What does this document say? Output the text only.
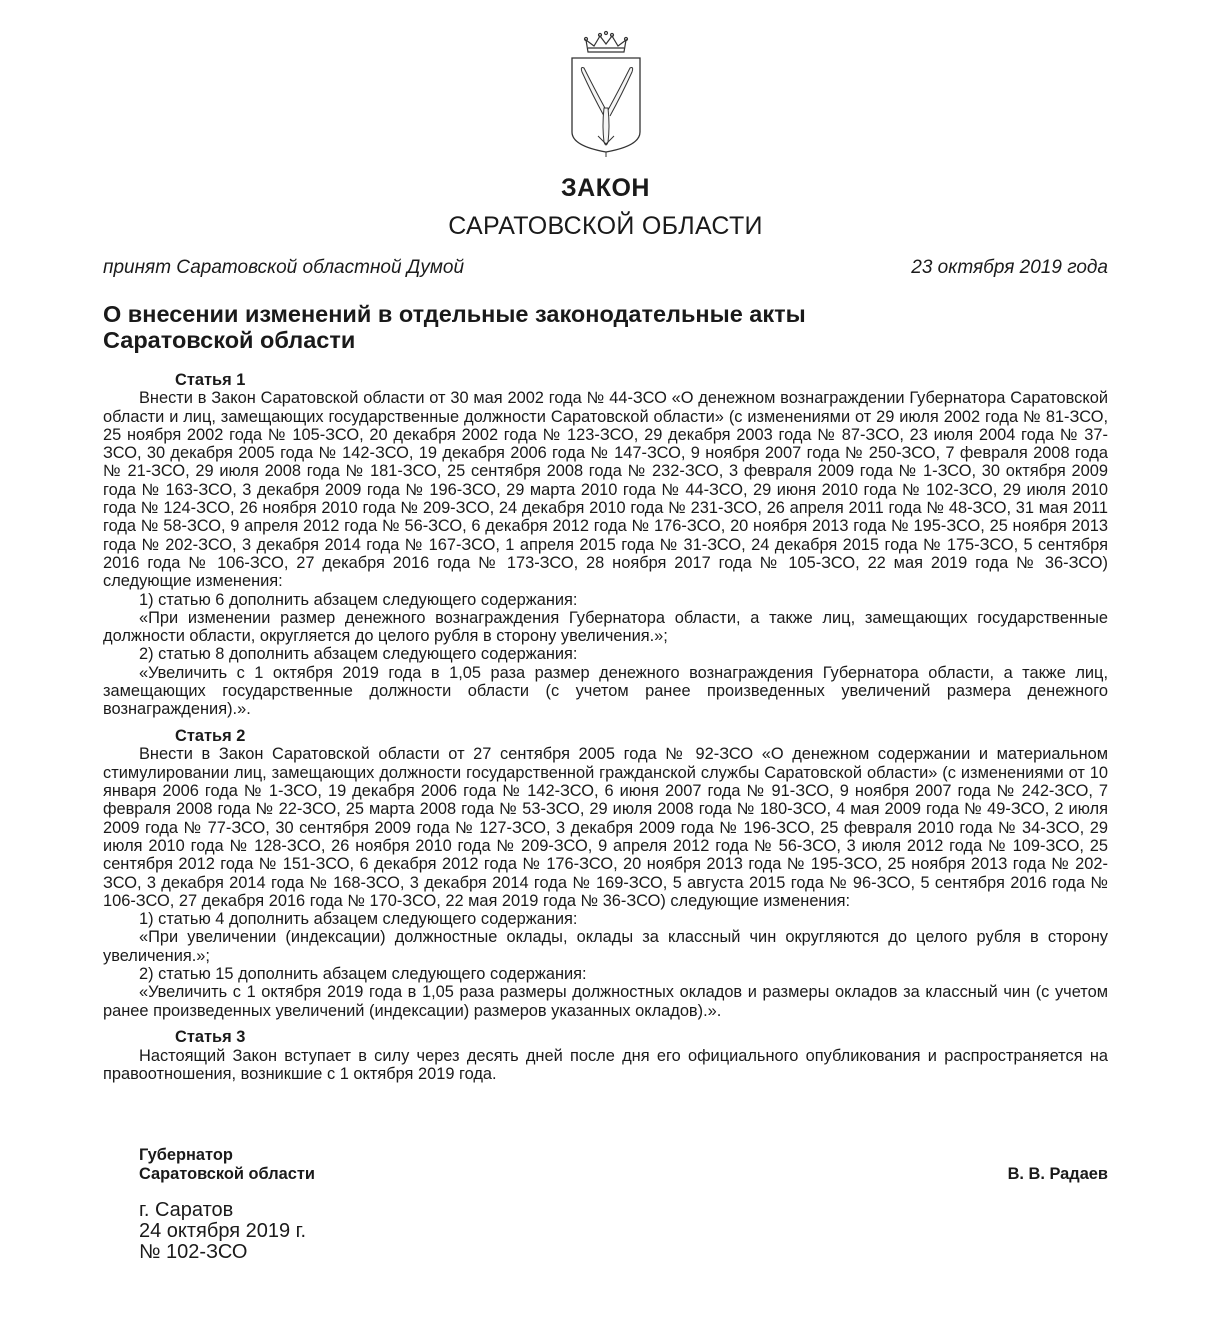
ЗАКОН
САРАТОВСКОЙ ОБЛАСТИ
принят Саратовской областной Думой	23 октября 2019 года
О внесении изменений в отдельные законодательные акты
Саратовской области

Статья 1

Внести в Закон Саратовской области от 30 мая 2002 года № 44-ЗСО «О денежном вознаграждении Губернатора Саратовской области и лиц, замещающих государственные должности Саратовской области» (с изменениями от 29 июля 2002 года № 81-ЗСО, 25 ноября 2002 года № 105-ЗСО, 20 декабря 2002 года № 123-ЗСО, 29 декабря 2003 года № 87-ЗСО, 23 июля 2004 года № 37-ЗСО, 30 декабря 2005 года № 142-ЗСО, 19 декабря 2006 года № 147-ЗСО, 9 ноября 2007 года № 250-ЗСО, 7 февраля 2008 года № 21-ЗСО, 29 июля 2008 года № 181-ЗСО, 25 сентября 2008 года № 232-ЗСО, 3 февраля 2009 года № 1-ЗСО, 30 октября 2009 года № 163-ЗСО, 3 декабря 2009 года № 196-ЗСО, 29 марта 2010 года № 44-ЗСО, 29 июня 2010 года № 102-ЗСО, 29 июля 2010 года № 124-ЗСО, 26 ноября 2010 года № 209-ЗСО, 24 декабря 2010 года № 231-ЗСО, 26 апреля 2011 года № 48-ЗСО, 31 мая 2011 года № 58-ЗСО, 9 апреля 2012 года № 56-ЗСО, 6 декабря 2012 года № 176-ЗСО, 20 ноября 2013 года № 195-ЗСО, 25 ноября 2013 года № 202-ЗСО, 3 декабря 2014 года № 167-ЗСО, 1 апреля 2015 года № 31-ЗСО, 24 декабря 2015 года № 175-ЗСО, 5 сентября 2016 года № 106-ЗСО, 27 декабря 2016 года № 173-ЗСО, 28 ноября 2017 года № 105-ЗСО, 22 мая 2019 года № 36-ЗСО) следующие изменения:

1) статью 6 дополнить абзацем следующего содержания:

«При изменении размер денежного вознаграждения Губернатора области, а также лиц, замещающих государственные должности области, округляется до целого рубля в сторону увеличения.»;

2) статью 8 дополнить абзацем следующего содержания:

«Увеличить с 1 октября 2019 года в 1,05 раза размер денежного вознаграждения Губернатора области, а также лиц, замещающих государственные должности области (с учетом ранее произведенных увеличений размера денежного вознаграждения).».

Статья 2

Внести в Закон Саратовской области от 27 сентября 2005 года № 92-ЗСО «О денежном содержании и материальном стимулировании лиц, замещающих должности государственной гражданской службы Саратовской области» (с изменениями от 10 января 2006 года № 1-ЗСО, 19 декабря 2006 года № 142-ЗСО, 6 июня 2007 года № 91-ЗСО, 9 ноября 2007 года № 242-ЗСО, 7 февраля 2008 года № 22-ЗСО, 25 марта 2008 года № 53-ЗСО, 29 июля 2008 года № 180-ЗСО, 4 мая 2009 года № 49-ЗСО, 2 июля 2009 года № 77-ЗСО, 30 сентября 2009 года № 127-ЗСО, 3 декабря 2009 года № 196-ЗСО, 25 февраля 2010 года № 34-ЗСО, 29 июля 2010 года № 128-ЗСО, 26 ноября 2010 года № 209-ЗСО, 9 апреля 2012 года № 56-ЗСО, 3 июля 2012 года № 109-ЗСО, 25 сентября 2012 года № 151-ЗСО, 6 декабря 2012 года № 176-ЗСО, 20 ноября 2013 года № 195-ЗСО, 25 ноября 2013 года № 202-ЗСО, 3 декабря 2014 года № 168-ЗСО, 3 декабря 2014 года № 169-ЗСО, 5 августа 2015 года № 96-ЗСО, 5 сентября 2016 года № 106-ЗСО, 27 декабря 2016 года № 170-ЗСО, 22 мая 2019 года № 36-ЗСО) следующие изменения:

1) статью 4 дополнить абзацем следующего содержания:

«При увеличении (индексации) должностные оклады, оклады за классный чин округляются до целого рубля в сторону увеличения.»;

2) статью 15 дополнить абзацем следующего содержания:

«Увеличить с 1 октября 2019 года в 1,05 раза размеры должностных окладов и размеры окладов за классный чин (с учетом ранее произведенных увеличений (индексации) размеров указанных окладов).».

Статья 3

Настоящий Закон вступает в силу через десять дней после дня его официального опубликования и распространяется на правоотношения, возникшие с 1 октября 2019 года.

Губернатор
Саратовской области	В. В. Радаев
г. Саратов
24 октября 2019 г.
№ 102-ЗСО
